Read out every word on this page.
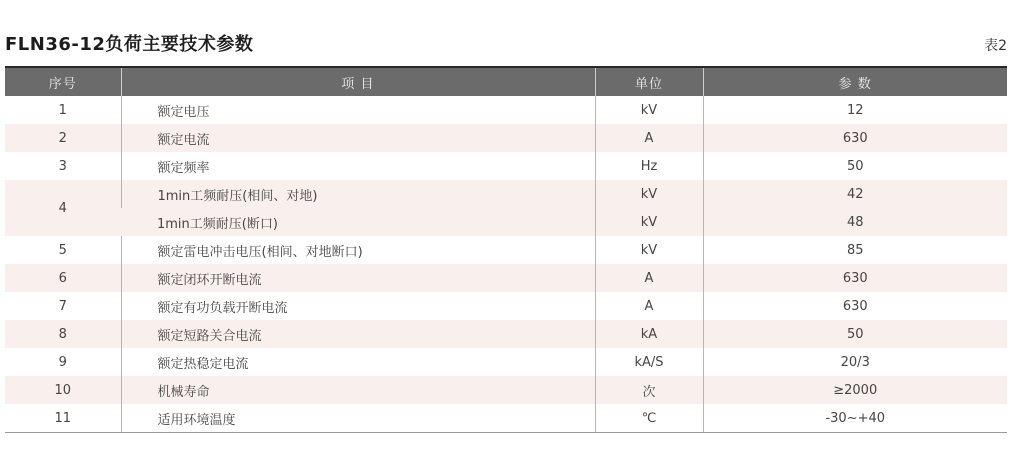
FLN36-12负荷主要技术参数	表2
序号	项 目	单位	参 数
1	额定电压	kV	12
2	额定电流	A	630
3	额定频率	Hz	50
4	1min工频耐压(相间、对地)	kV	42
	1min工频耐压(断口)	kV	48
5	额定雷电冲击电压(相间、对地断口)	kV	85
6	额定闭环开断电流	A	630
7	额定有功负载开断电流	A	630
8	额定短路关合电流	kA	50
9	额定热稳定电流	kA/S	20/3
10	机械寿命	次	≥2000
11	适用环境温度	℃	-30~+40
